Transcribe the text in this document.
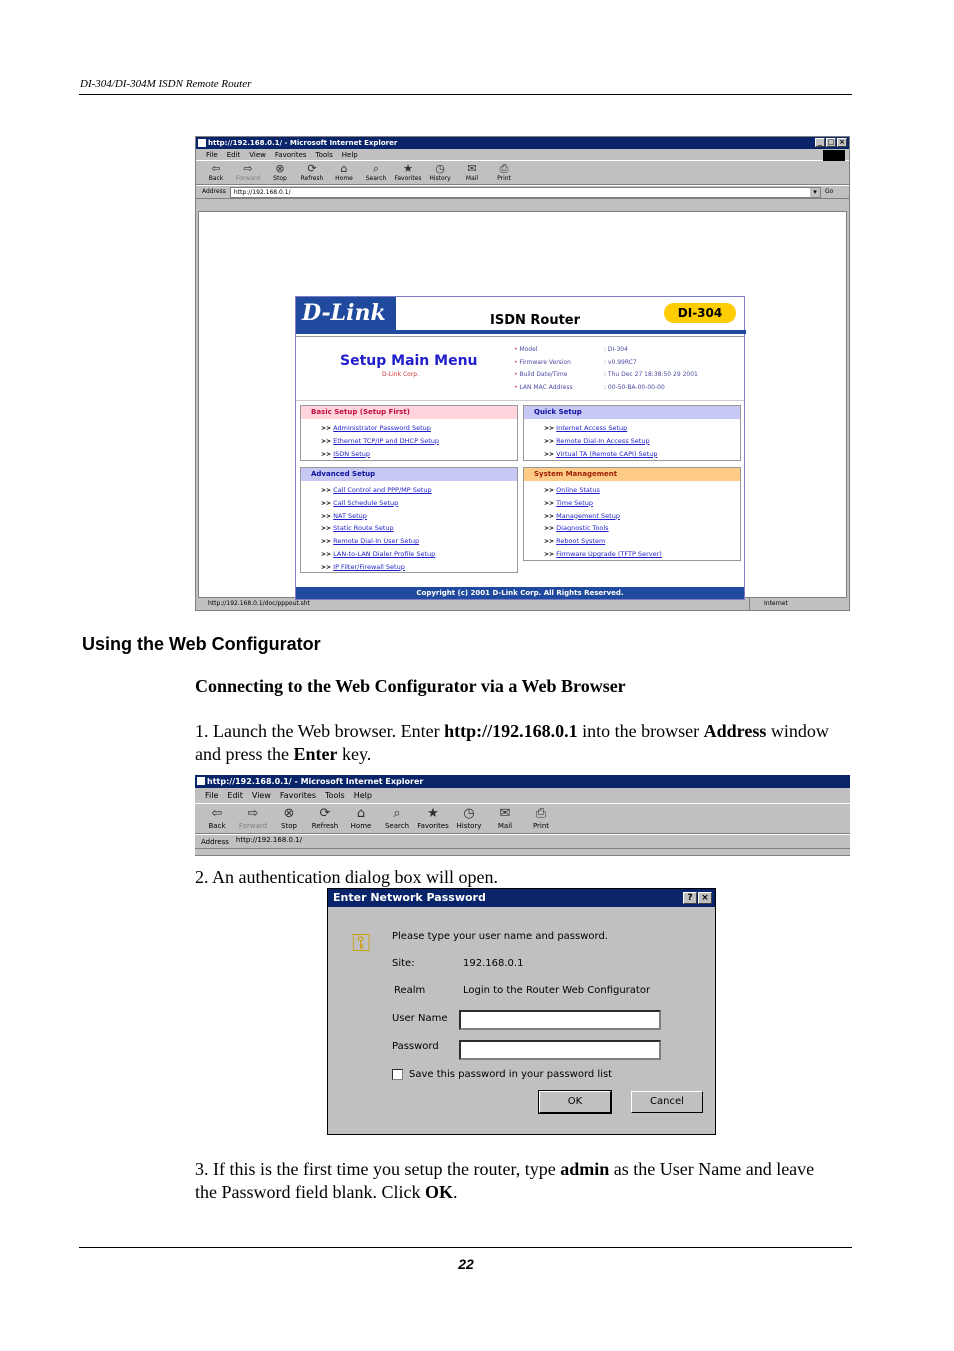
DI-304/DI-304M ISDN Remote Router
http://192.168.0.1/ - Microsoft Internet Explorer	_ □ ×
File Edit View Favorites Tools Help
⇦
Back
⇨
Forward
⊗
Stop
⟳
Refresh
⌂
Home
⌕
Search
★
Favorites
◷
History
✉
Mail
⎙
Print
Address	http://192.168.0.1/ ▾	Go
D-Link	ISDN Router	DI-304
Setup Main Menu
D-Link Corp.
• Model	: DI-304
• Firmware Version	: v0.99RC7
• Build Date/Time	: Thu Dec 27 18:38:50 29 2001
• LAN MAC Address	: 00-50-BA-00-00-00
Basic Setup (Setup First)
>> Administrator Password Setup
>> Ethernet TCP/IP and DHCP Setup
>> ISDN Setup
Quick Setup
>> Internet Access Setup
>> Remote Dial-In Access Setup
>> Virtual TA (Remote CAPI) Setup
Advanced Setup
>> Call Control and PPP/MP Setup
>> Call Schedule Setup
>> NAT Setup
>> Static Route Setup
>> Remote Dial-In User Setup
>> LAN-to-LAN Dialer Profile Setup
>> IP Filter/Firewall Setup
System Management
>> Online Status
>> Time Setup
>> Management Setup
>> Diagnostic Tools
>> Reboot System
>> Firmware Upgrade (TFTP Server)
Copyright (c) 2001 D-Link Corp. All Rights Reserved.
http://192.168.0.1/doc/pppout.sht	Internet
Using the Web Configurator
Connecting to the Web Configurator via a Web Browser
1. Launch the Web browser. Enter http://192.168.0.1 into the browser Address window and press the Enter key.
http://192.168.0.1/ - Microsoft Internet Explorer
File Edit View Favorites Tools Help
⇦
Back
⇨
Forward
⊗
Stop
⟳
Refresh
⌂
Home
⌕
Search
★
Favorites
◷
History
✉
Mail
⎙
Print
Address	http://192.168.0.1/
2. An authentication dialog box will open.
Enter Network Password	? ×
⚿ Please type your user name and password.
Site:	192.168.0.1
Realm	Login to the Router Web Configurator
User Name
Password
Save this password in your password list
OK	Cancel
3. If this is the first time you setup the router, type admin as the User Name and leave the Password field blank. Click OK.
22
